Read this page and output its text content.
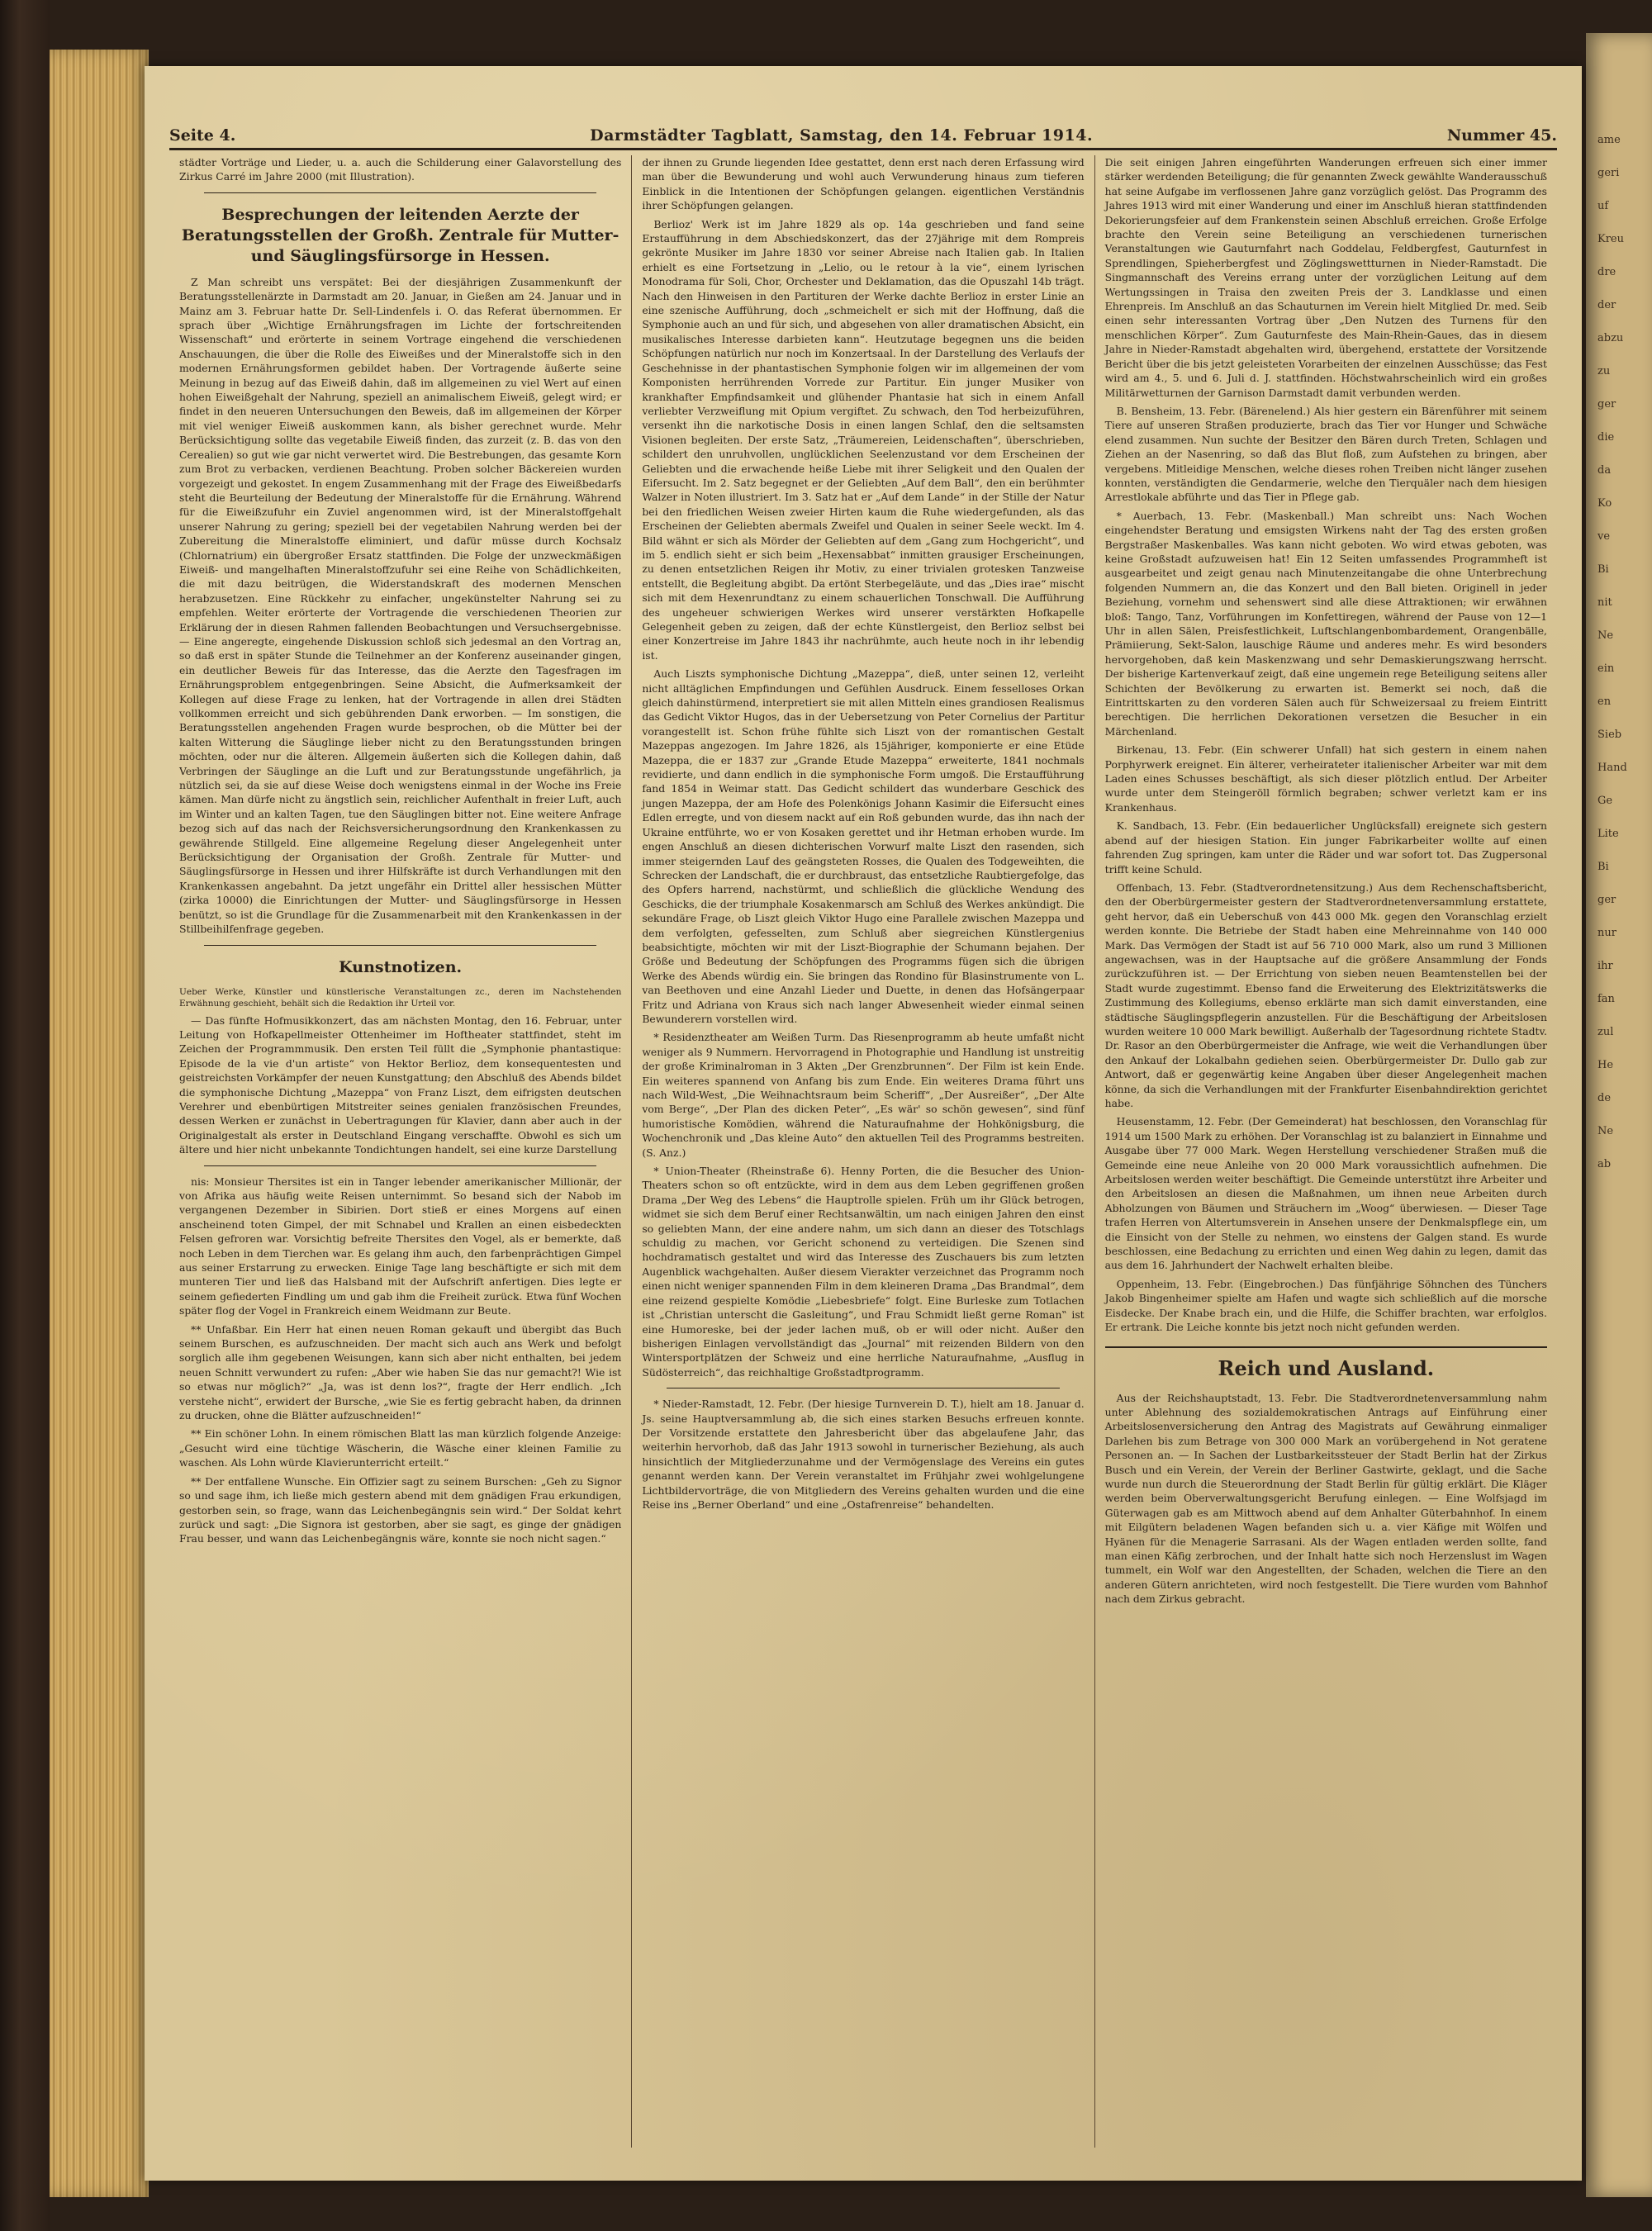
ame
geri
uf
Kreu
dre
der
abzu
zu
ger
die
da
Ko
ve
Bi
nit
Ne
ein
en
Sieb
Hand
Ge
Lite
Bi
ger
nur
ihr
fan
zul
He
de
Ne
ab
Seite 4.	Darmstädter Tagblatt, Samstag, den 14. Februar 1914.	Nummer 45.

städter Vorträge und Lieder, u. a. auch die Schilderung einer Galavorstellung des Zirkus Carré im Jahre 2000 (mit Illustration).

Besprechungen der leitenden Aerzte der Beratungsstellen der Großh. Zentrale für Mutter- und Säuglingsfürsorge in Hessen.

Z Man schreibt uns verspätet: Bei der diesjährigen Zusammenkunft der Beratungsstellenärzte in Darmstadt am 20. Januar, in Gießen am 24. Januar und in Mainz am 3. Februar hatte Dr. Sell-Lindenfels i. O. das Referat übernommen. Er sprach über „Wichtige Ernährungsfragen im Lichte der fortschreitenden Wissenschaft“ und erörterte in seinem Vortrage eingehend die verschiedenen Anschauungen, die über die Rolle des Eiweißes und der Mineralstoffe sich in den modernen Ernährungsformen gebildet haben. Der Vortragende äußerte seine Meinung in bezug auf das Eiweiß dahin, daß im allgemeinen zu viel Wert auf einen hohen Eiweißgehalt der Nahrung, speziell an animalischem Eiweiß, gelegt wird; er findet in den neueren Untersuchungen den Beweis, daß im allgemeinen der Körper mit viel weniger Eiweiß auskommen kann, als bisher gerechnet wurde. Mehr Berücksichtigung sollte das vegetabile Eiweiß finden, das zurzeit (z. B. das von den Cerealien) so gut wie gar nicht verwertet wird. Die Bestrebungen, das gesamte Korn zum Brot zu verbacken, verdienen Beachtung. Proben solcher Bäckereien wurden vorgezeigt und gekostet. In engem Zusammenhang mit der Frage des Eiweißbedarfs steht die Beurteilung der Bedeutung der Mineralstoffe für die Ernährung. Während für die Eiweißzufuhr ein Zuviel angenommen wird, ist der Mineralstoffgehalt unserer Nahrung zu gering; speziell bei der vegetabilen Nahrung werden bei der Zubereitung die Mineralstoffe eliminiert, und dafür müsse durch Kochsalz (Chlornatrium) ein übergroßer Ersatz stattfinden. Die Folge der unzweckmäßigen Eiweiß- und mangelhaften Mineralstoffzufuhr sei eine Reihe von Schädlichkeiten, die mit dazu beitrügen, die Widerstandskraft des modernen Menschen herabzusetzen. Eine Rückkehr zu einfacher, ungekünstelter Nahrung sei zu empfehlen. Weiter erörterte der Vortragende die verschiedenen Theorien zur Erklärung der in diesen Rahmen fallenden Beobachtungen und Versuchsergebnisse. — Eine angeregte, eingehende Diskussion schloß sich jedesmal an den Vortrag an, so daß erst in später Stunde die Teilnehmer an der Konferenz auseinander gingen, ein deutlicher Beweis für das Interesse, das die Aerzte den Tagesfragen im Ernährungsproblem entgegenbringen. Seine Absicht, die Aufmerksamkeit der Kollegen auf diese Frage zu lenken, hat der Vortragende in allen drei Städten vollkommen erreicht und sich gebührenden Dank erworben. — Im sonstigen, die Beratungsstellen angehenden Fragen wurde besprochen, ob die Mütter bei der kalten Witterung die Säuglinge lieber nicht zu den Beratungsstunden bringen möchten, oder nur die älteren. Allgemein äußerten sich die Kollegen dahin, daß Verbringen der Säuglinge an die Luft und zur Beratungsstunde ungefährlich, ja nützlich sei, da sie auf diese Weise doch wenigstens einmal in der Woche ins Freie kämen. Man dürfe nicht zu ängstlich sein, reichlicher Aufenthalt in freier Luft, auch im Winter und an kalten Tagen, tue den Säuglingen bitter not. Eine weitere Anfrage bezog sich auf das nach der Reichsversicherungsordnung den Krankenkassen zu gewährende Stillgeld. Eine allgemeine Regelung dieser Angelegenheit unter Berücksichtigung der Organisation der Großh. Zentrale für Mutter- und Säuglingsfürsorge in Hessen und ihrer Hilfskräfte ist durch Verhandlungen mit den Krankenkassen angebahnt. Da jetzt ungefähr ein Drittel aller hessischen Mütter (zirka 10000) die Einrichtungen der Mutter- und Säuglingsfürsorge in Hessen benützt, so ist die Grundlage für die Zusammenarbeit mit den Krankenkassen in der Stillbeihilfenfrage gegeben.

Kunstnotizen.

Ueber Werke, Künstler und künstlerische Veranstaltungen zc., deren im Nachstehenden Erwähnung geschieht, behält sich die Redaktion ihr Urteil vor.

— Das fünfte Hofmusikkonzert, das am nächsten Montag, den 16. Februar, unter Leitung von Hofkapellmeister Ottenheimer im Hoftheater stattfindet, steht im Zeichen der Programmmusik. Den ersten Teil füllt die „Symphonie phantastique: Episode de la vie d'un artiste“ von Hektor Berlioz, dem konsequentesten und geistreichsten Vorkämpfer der neuen Kunstgattung; den Abschluß des Abends bildet die symphonische Dichtung „Mazeppa“ von Franz Liszt, dem eifrigsten deutschen Verehrer und ebenbürtigen Mitstreiter seines genialen französischen Freundes, dessen Werken er zunächst in Uebertragungen für Klavier, dann aber auch in der Originalgestalt als erster in Deutschland Eingang verschaffte. Obwohl es sich um ältere und hier nicht unbekannte Tondichtungen handelt, sei eine kurze Darstellung

nis: Monsieur Thersites ist ein in Tanger lebender amerikanischer Millionär, der von Afrika aus häufig weite Reisen unternimmt. So besand sich der Nabob im vergangenen Dezember in Sibirien. Dort stieß er eines Morgens auf einen anscheinend toten Gimpel, der mit Schnabel und Krallen an einen eisbedeckten Felsen gefroren war. Vorsichtig befreite Thersites den Vogel, als er bemerkte, daß noch Leben in dem Tierchen war. Es gelang ihm auch, den farbenprächtigen Gimpel aus seiner Erstarrung zu erwecken. Einige Tage lang beschäftigte er sich mit dem munteren Tier und ließ das Halsband mit der Aufschrift anfertigen. Dies legte er seinem gefiederten Findling um und gab ihm die Freiheit zurück. Etwa fünf Wochen später flog der Vogel in Frankreich einem Weidmann zur Beute.

** Unfaßbar. Ein Herr hat einen neuen Roman gekauft und übergibt das Buch seinem Burschen, es aufzuschneiden. Der macht sich auch ans Werk und befolgt sorglich alle ihm gegebenen Weisungen, kann sich aber nicht enthalten, bei jedem neuen Schnitt verwundert zu rufen: „Aber wie haben Sie das nur gemacht?! Wie ist so etwas nur möglich?“ „Ja, was ist denn los?“, fragte der Herr endlich. „Ich verstehe nicht“, erwidert der Bursche, „wie Sie es fertig gebracht haben, da drinnen zu drucken, ohne die Blätter aufzuschneiden!“

** Ein schöner Lohn. In einem römischen Blatt las man kürzlich folgende Anzeige: „Gesucht wird eine tüchtige Wäscherin, die Wäsche einer kleinen Familie zu waschen. Als Lohn würde Klavierunterricht erteilt.“

** Der entfallene Wunsche. Ein Offizier sagt zu seinem Burschen: „Geh zu Signor so und sage ihm, ich ließe mich gestern abend mit dem gnädigen Frau erkundigen, gestorben sein, so frage, wann das Leichenbegängnis sein wird.“ Der Soldat kehrt zurück und sagt: „Die Signora ist gestorben, aber sie sagt, es ginge der gnädigen Frau besser, und wann das Leichenbegängnis wäre, konnte sie noch nicht sagen.“

der ihnen zu Grunde liegenden Idee gestattet, denn erst nach deren Erfassung wird man über die Bewunderung und wohl auch Verwunderung hinaus zum tieferen Einblick in die Intentionen der Schöpfungen gelangen. eigentlichen Verständnis ihrer Schöpfungen gelangen.

Berlioz' Werk ist im Jahre 1829 als op. 14a geschrieben und fand seine Erstaufführung in dem Abschiedskonzert, das der 27jährige mit dem Rompreis gekrönte Musiker im Jahre 1830 vor seiner Abreise nach Italien gab. In Italien erhielt es eine Fortsetzung in „Lelio, ou le retour à la vie“, einem lyrischen Monodrama für Soli, Chor, Orchester und Deklamation, das die Opuszahl 14b trägt. Nach den Hinweisen in den Partituren der Werke dachte Berlioz in erster Linie an eine szenische Aufführung, doch „schmeichelt er sich mit der Hoffnung, daß die Symphonie auch an und für sich, und abgesehen von aller dramatischen Absicht, ein musikalisches Interesse darbieten kann“. Heutzutage begegnen uns die beiden Schöpfungen natürlich nur noch im Konzertsaal. In der Darstellung des Verlaufs der Geschehnisse in der phantastischen Symphonie folgen wir im allgemeinen der vom Komponisten herrührenden Vorrede zur Partitur. Ein junger Musiker von krankhafter Empfindsamkeit und glühender Phantasie hat sich in einem Anfall verliebter Verzweiflung mit Opium vergiftet. Zu schwach, den Tod herbeizuführen, versenkt ihn die narkotische Dosis in einen langen Schlaf, den die seltsamsten Visionen begleiten. Der erste Satz, „Träumereien, Leidenschaften“, überschrieben, schildert den unruhvollen, unglücklichen Seelenzustand vor dem Erscheinen der Geliebten und die erwachende heiße Liebe mit ihrer Seligkeit und den Qualen der Eifersucht. Im 2. Satz begegnet er der Geliebten „Auf dem Ball“, den ein berühmter Walzer in Noten illustriert. Im 3. Satz hat er „Auf dem Lande“ in der Stille der Natur bei den friedlichen Weisen zweier Hirten kaum die Ruhe wiedergefunden, als das Erscheinen der Geliebten abermals Zweifel und Qualen in seiner Seele weckt. Im 4. Bild wähnt er sich als Mörder der Geliebten auf dem „Gang zum Hochgericht“, und im 5. endlich sieht er sich beim „Hexensabbat“ inmitten grausiger Erscheinungen, zu denen entsetzlichen Reigen ihr Motiv, zu einer trivialen grotesken Tanzweise entstellt, die Begleitung abgibt. Da ertönt Sterbegeläute, und das „Dies irae“ mischt sich mit dem Hexenrundtanz zu einem schauerlichen Tonschwall. Die Aufführung des ungeheuer schwierigen Werkes wird unserer verstärkten Hofkapelle Gelegenheit geben zu zeigen, daß der echte Künstlergeist, den Berlioz selbst bei einer Konzertreise im Jahre 1843 ihr nachrühmte, auch heute noch in ihr lebendig ist.

Auch Liszts symphonische Dichtung „Mazeppa“, dieß, unter seinen 12, verleiht nicht alltäglichen Empfindungen und Gefühlen Ausdruck. Einem fesselloses Orkan gleich dahinstürmend, interpretiert sie mit allen Mitteln eines grandiosen Realismus das Gedicht Viktor Hugos, das in der Uebersetzung von Peter Cornelius der Partitur vorangestellt ist. Schon frühe fühlte sich Liszt von der romantischen Gestalt Mazeppas angezogen. Im Jahre 1826, als 15jähriger, komponierte er eine Etüde Mazeppa, die er 1837 zur „Grande Etude Mazeppa“ erweiterte, 1841 nochmals revidierte, und dann endlich in die symphonische Form umgoß. Die Erstaufführung fand 1854 in Weimar statt. Das Gedicht schildert das wunderbare Geschick des jungen Mazeppa, der am Hofe des Polenkönigs Johann Kasimir die Eifersucht eines Edlen erregte, und von diesem nackt auf ein Roß gebunden wurde, das ihn nach der Ukraine entführte, wo er von Kosaken gerettet und ihr Hetman erhoben wurde. Im engen Anschluß an diesen dichterischen Vorwurf malte Liszt den rasenden, sich immer steigernden Lauf des geängsteten Rosses, die Qualen des Todgeweihten, die Schrecken der Landschaft, die er durchbraust, das entsetzliche Raubtiergefolge, das des Opfers harrend, nachstürmt, und schließlich die glückliche Wendung des Geschicks, die der triumphale Kosakenmarsch am Schluß des Werkes ankündigt. Die sekundäre Frage, ob Liszt gleich Viktor Hugo eine Parallele zwischen Mazeppa und dem verfolgten, gefesselten, zum Schluß aber siegreichen Künstlergenius beabsichtigte, möchten wir mit der Liszt-Biographie der Schumann bejahen. Der Größe und Bedeutung der Schöpfungen des Programms fügen sich die übrigen Werke des Abends würdig ein. Sie bringen das Rondino für Blasinstrumente von L. van Beethoven und eine Anzahl Lieder und Duette, in denen das Hofsängerpaar Fritz und Adriana von Kraus sich nach langer Abwesenheit wieder einmal seinen Bewunderern vorstellen wird.

* Residenztheater am Weißen Turm. Das Riesenprogramm ab heute umfaßt nicht weniger als 9 Nummern. Hervorragend in Photographie und Handlung ist unstreitig der große Kriminalroman in 3 Akten „Der Grenzbrunnen“. Der Film ist kein Ende. Ein weiteres spannend von Anfang bis zum Ende. Ein weiteres Drama führt uns nach Wild-West, „Die Weihnachtsraum beim Scheriff“, „Der Ausreißer“, „Der Alte vom Berge“, „Der Plan des dicken Peter“, „Es wär' so schön gewesen“, sind fünf humoristische Komödien, während die Naturaufnahme der Hohkönigsburg, die Wochenchronik und „Das kleine Auto“ den aktuellen Teil des Programms bestreiten. (S. Anz.)

* Union-Theater (Rheinstraße 6). Henny Porten, die die Besucher des Union-Theaters schon so oft entzückte, wird in dem aus dem Leben gegriffenen großen Drama „Der Weg des Lebens“ die Hauptrolle spielen. Früh um ihr Glück betrogen, widmet sie sich dem Beruf einer Rechtsanwältin, um nach einigen Jahren den einst so geliebten Mann, der eine andere nahm, um sich dann an dieser des Totschlags schuldig zu machen, vor Gericht schonend zu verteidigen. Die Szenen sind hochdramatisch gestaltet und wird das Interesse des Zuschauers bis zum letzten Augenblick wachgehalten. Außer diesem Vierakter verzeichnet das Programm noch einen nicht weniger spannenden Film in dem kleineren Drama „Das Brandmal“, dem eine reizend gespielte Komödie „Liebesbriefe“ folgt. Eine Burleske zum Totlachen ist „Christian unterscht die Gasleitung“, und Frau Schmidt ließt gerne Roman‟ ist eine Humoreske, bei der jeder lachen muß, ob er will oder nicht. Außer den bisherigen Einlagen vervollständigt das „Journal“ mit reizenden Bildern von den Wintersportplätzen der Schweiz und eine herrliche Naturaufnahme, „Ausflug in Südösterreich“, das reichhaltige Großstadtprogramm.

* Nieder-Ramstadt, 12. Febr. (Der hiesige Turnverein D. T.), hielt am 18. Januar d. Js. seine Hauptversammlung ab, die sich eines starken Besuchs erfreuen konnte. Der Vorsitzende erstattete den Jahresbericht über das abgelaufene Jahr, das weiterhin hervorhob, daß das Jahr 1913 sowohl in turnerischer Beziehung, als auch hinsichtlich der Mitgliederzunahme und der Vermögenslage des Vereins ein gutes genannt werden kann. Der Verein veranstaltet im Frühjahr zwei wohlgelungene Lichtbildervorträge, die von Mitgliedern des Vereins gehalten wurden und die eine Reise ins „Berner Oberland“ und eine „Ostafrenreise“ behandelten.

Die seit einigen Jahren eingeführten Wanderungen erfreuen sich einer immer stärker werdenden Beteiligung; die für genannten Zweck gewählte Wanderausschuß hat seine Aufgabe im verflossenen Jahre ganz vorzüglich gelöst. Das Programm des Jahres 1913 wird mit einer Wanderung und einer im Anschluß hieran stattfindenden Dekorierungsfeier auf dem Frankenstein seinen Abschluß erreichen. Große Erfolge brachte den Verein seine Beteiligung an verschiedenen turnerischen Veranstaltungen wie Gauturnfahrt nach Goddelau, Feldbergfest, Gauturnfest in Sprendlingen, Spieherbergfest und Zöglingswettturnen in Nieder-Ramstadt. Die Singmannschaft des Vereins errang unter der vorzüglichen Leitung auf dem Wertungssingen in Traisa den zweiten Preis der 3. Landklasse und einen Ehrenpreis. Im Anschluß an das Schauturnen im Verein hielt Mitglied Dr. med. Seib einen sehr interessanten Vortrag über „Den Nutzen des Turnens für den menschlichen Körper“. Zum Gauturnfeste des Main-Rhein-Gaues, das in diesem Jahre in Nieder-Ramstadt abgehalten wird, übergehend, erstattete der Vorsitzende Bericht über die bis jetzt geleisteten Vorarbeiten der einzelnen Ausschüsse; das Fest wird am 4., 5. und 6. Juli d. J. stattfinden. Höchstwahrscheinlich wird ein großes Militärwetturnen der Garnison Darmstadt damit verbunden werden.

B. Bensheim, 13. Febr. (Bärenelend.) Als hier gestern ein Bärenführer mit seinem Tiere auf unseren Straßen produzierte, brach das Tier vor Hunger und Schwäche elend zusammen. Nun suchte der Besitzer den Bären durch Treten, Schlagen und Ziehen an der Nasenring, so daß das Blut floß, zum Aufstehen zu bringen, aber vergebens. Mitleidige Menschen, welche dieses rohen Treiben nicht länger zusehen konnten, verständigten die Gendarmerie, welche den Tierquäler nach dem hiesigen Arrestlokale abführte und das Tier in Pflege gab.

* Auerbach, 13. Febr. (Maskenball.) Man schreibt uns: Nach Wochen eingehendster Beratung und emsigsten Wirkens naht der Tag des ersten großen Bergstraßer Maskenballes. Was kann nicht geboten. Wo wird etwas geboten, was keine Großstadt aufzuweisen hat! Ein 12 Seiten umfassendes Programmheft ist ausgearbeitet und zeigt genau nach Minutenzeitangabe die ohne Unterbrechung folgenden Nummern an, die das Konzert und den Ball bieten. Originell in jeder Beziehung, vornehm und sehenswert sind alle diese Attraktionen; wir erwähnen bloß: Tango, Tanz, Vorführungen im Konfettiregen, während der Pause von 12—1 Uhr in allen Sälen, Preisfestlichkeit, Luftschlangenbombardement, Orangenbälle, Prämiierung, Sekt-Salon, lauschige Räume und anderes mehr. Es wird besonders hervorgehoben, daß kein Maskenzwang und sehr Demaskierungszwang herrscht. Der bisherige Kartenverkauf zeigt, daß eine ungemein rege Beteiligung seitens aller Schichten der Bevölkerung zu erwarten ist. Bemerkt sei noch, daß die Eintrittskarten zu den vorderen Sälen auch für Schweizersaal zu freiem Eintritt berechtigen. Die herrlichen Dekorationen versetzen die Besucher in ein Märchenland.

Birkenau, 13. Febr. (Ein schwerer Unfall) hat sich gestern in einem nahen Porphyrwerk ereignet. Ein älterer, verheirateter italienischer Arbeiter war mit dem Laden eines Schusses beschäftigt, als sich dieser plötzlich entlud. Der Arbeiter wurde unter dem Steingeröll förmlich begraben; schwer verletzt kam er ins Krankenhaus.

K. Sandbach, 13. Febr. (Ein bedauerlicher Unglücksfall) ereignete sich gestern abend auf der hiesigen Station. Ein junger Fabrikarbeiter wollte auf einen fahrenden Zug springen, kam unter die Räder und war sofort tot. Das Zugpersonal trifft keine Schuld.

Offenbach, 13. Febr. (Stadtverordnetensitzung.) Aus dem Rechenschaftsbericht, den der Oberbürgermeister gestern der Stadtverordnetenversammlung erstattete, geht hervor, daß ein Ueberschuß von 443 000 Mk. gegen den Voranschlag erzielt werden konnte. Die Betriebe der Stadt haben eine Mehreinnahme von 140 000 Mark. Das Vermögen der Stadt ist auf 56 710 000 Mark, also um rund 3 Millionen angewachsen, was in der Hauptsache auf die größere Ansammlung der Fonds zurückzuführen ist. — Der Errichtung von sieben neuen Beamtenstellen bei der Stadt wurde zugestimmt. Ebenso fand die Erweiterung des Elektrizitätswerks die Zustimmung des Kollegiums, ebenso erklärte man sich damit einverstanden, eine städtische Säuglingspflegerin anzustellen. Für die Beschäftigung der Arbeitslosen wurden weitere 10 000 Mark bewilligt. Außerhalb der Tagesordnung richtete Stadtv. Dr. Rasor an den Oberbürgermeister die Anfrage, wie weit die Verhandlungen über den Ankauf der Lokalbahn gediehen seien. Oberbürgermeister Dr. Dullo gab zur Antwort, daß er gegenwärtig keine Angaben über dieser Angelegenheit machen könne, da sich die Verhandlungen mit der Frankfurter Eisenbahndirektion gerichtet habe.

Heusenstamm, 12. Febr. (Der Gemeinderat) hat beschlossen, den Voranschlag für 1914 um 1500 Mark zu erhöhen. Der Voranschlag ist zu balanziert in Einnahme und Ausgabe über 77 000 Mark. Wegen Herstellung verschiedener Straßen muß die Gemeinde eine neue Anleihe von 20 000 Mark voraussichtlich aufnehmen. Die Arbeitslosen werden weiter beschäftigt. Die Gemeinde unterstützt ihre Arbeiter und den Arbeitslosen an diesen die Maßnahmen, um ihnen neue Arbeiten durch Abholzungen von Bäumen und Sträuchern im „Woog“ überwiesen. — Dieser Tage trafen Herren von Altertumsverein in Ansehen unsere der Denkmalspflege ein, um die Einsicht von der Stelle zu nehmen, wo einstens der Galgen stand. Es wurde beschlossen, eine Bedachung zu errichten und einen Weg dahin zu legen, damit das aus dem 16. Jahrhundert der Nachwelt erhalten bleibe.

Oppenheim, 13. Febr. (Eingebrochen.) Das fünfjährige Söhnchen des Tünchers Jakob Bingenheimer spielte am Hafen und wagte sich schließlich auf die morsche Eisdecke. Der Knabe brach ein, und die Hilfe, die Schiffer brachten, war erfolglos. Er ertrank. Die Leiche konnte bis jetzt noch nicht gefunden werden.

Reich und Ausland.

Aus der Reichshauptstadt, 13. Febr. Die Stadtverordnetenversammlung nahm unter Ablehnung des sozialdemokratischen Antrags auf Einführung einer Arbeitslosenversicherung den Antrag des Magistrats auf Gewährung einmaliger Darlehen bis zum Betrage von 300 000 Mark an vorübergehend in Not geratene Personen an. — In Sachen der Lustbarkeitssteuer der Stadt Berlin hat der Zirkus Busch und ein Verein, der Verein der Berliner Gastwirte, geklagt, und die Sache wurde nun durch die Steuerordnung der Stadt Berlin für gültig erklärt. Die Kläger werden beim Oberverwaltungsgericht Berufung einlegen. — Eine Wolfsjagd im Güterwagen gab es am Mittwoch abend auf dem Anhalter Güterbahnhof. In einem mit Eilgütern beladenen Wagen befanden sich u. a. vier Käfige mit Wölfen und Hyänen für die Menagerie Sarrasani. Als der Wagen entladen werden sollte, fand man einen Käfig zerbrochen, und der Inhalt hatte sich noch Herzenslust im Wagen tummelt, ein Wolf war den Angestellten, der Schaden, welchen die Tiere an den anderen Gütern anrichteten, wird noch festgestellt. Die Tiere wurden vom Bahnhof nach dem Zirkus gebracht.
